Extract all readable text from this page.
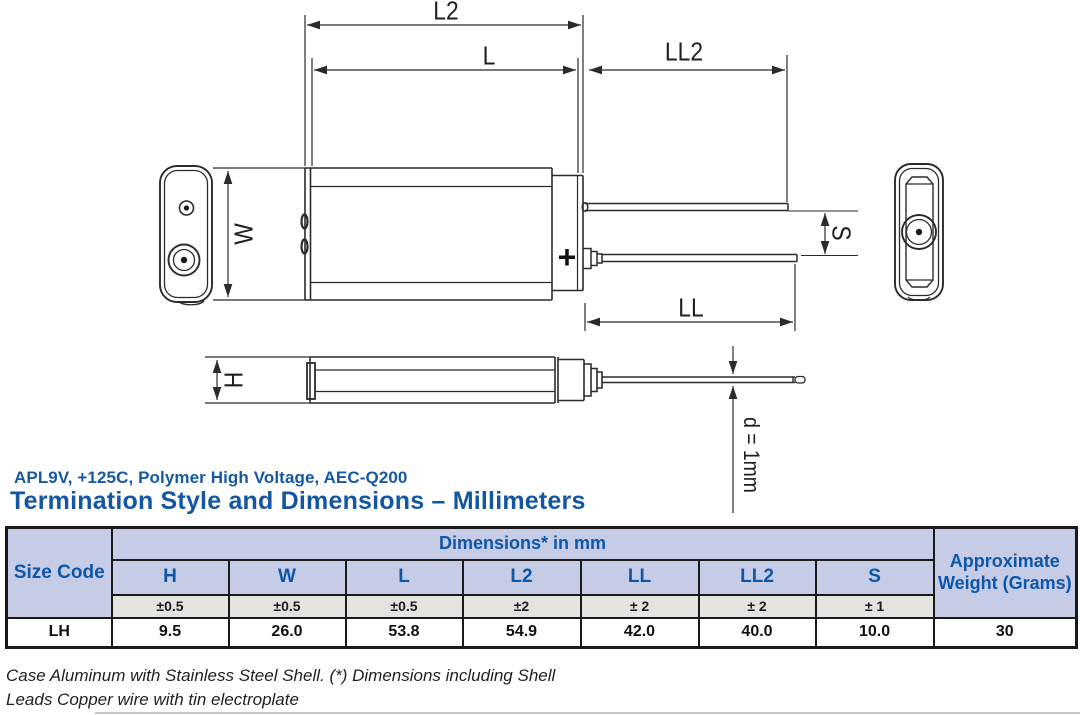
L2
L	LL2
LL
W	S
H
d = 1mm
+
APL9V, +125C, Polymer High Voltage, AEC-Q200
Termination Style and Dimensions – Millimeters
Size Code	Dimensions* in mm							Approximate Weight (Grams)
	H	W	L	L2	LL	LL2	S	
	±0.5	±0.5	±0.5	±2	± 2	± 2	± 1	
LH	9.5	26.0	53.8	54.9	42.0	40.0	10.0	30
Case Aluminum with Stainless Steel Shell. (*) Dimensions including Shell
Leads Copper wire with tin electroplate
